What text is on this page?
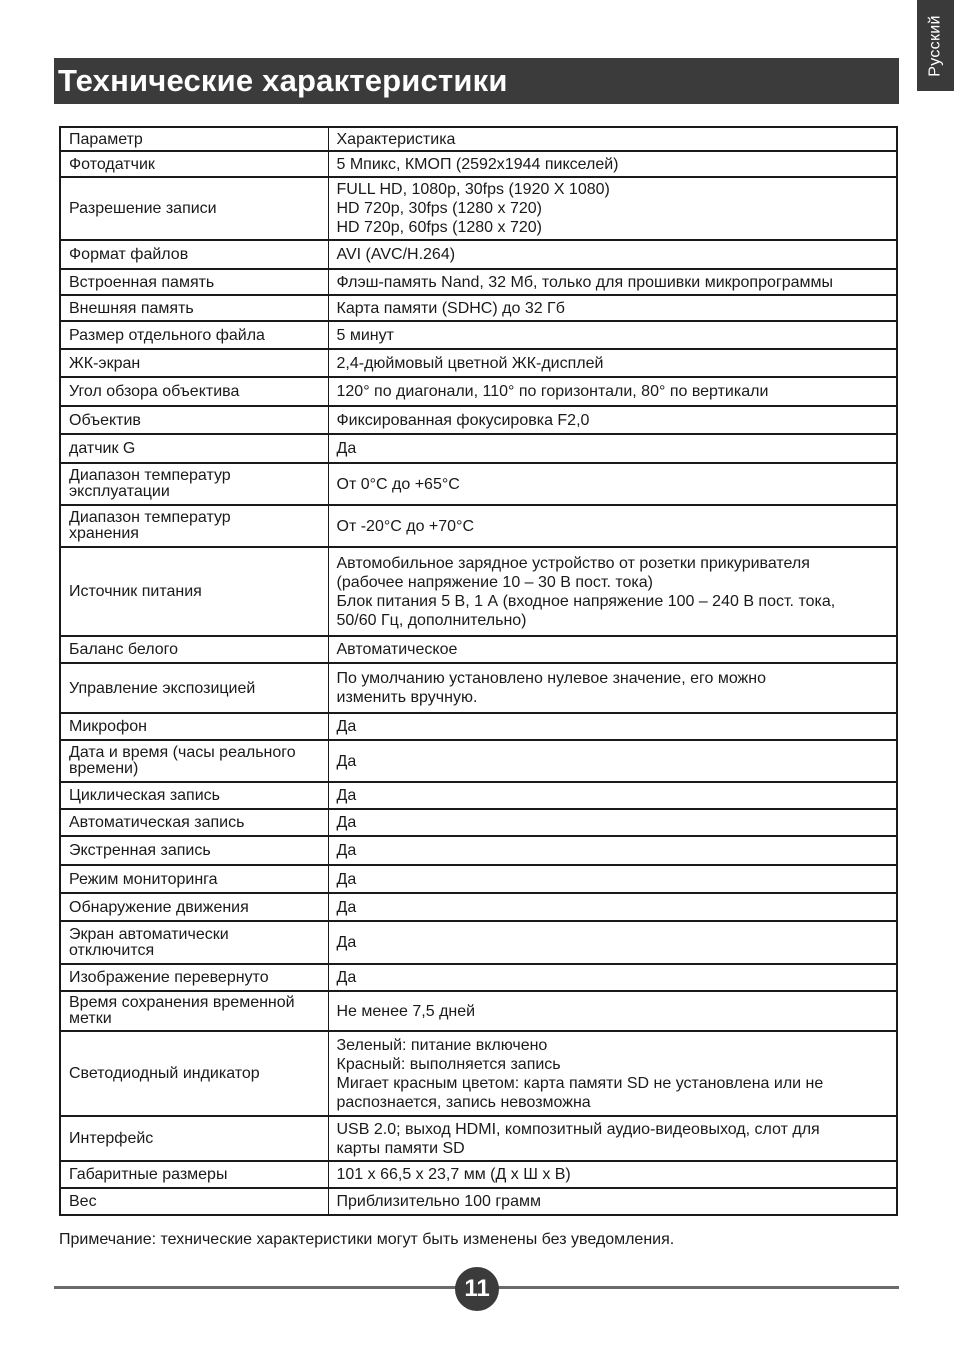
Русский
Технические характеристики
Параметр	Характеристика
Фотодатчик	5 Мпикс, КМОП (2592x1944 пикселей)
Разрешение записи	FULL HD, 1080p, 30fps (1920 X 1080)
HD 720p, 30fps (1280 x 720)
HD 720p, 60fps (1280 x 720)
Формат файлов	AVI (AVC/H.264)
Встроенная память	Флэш-память Nand, 32 Мб, только для прошивки микропрограммы
Внешняя память	Карта памяти (SDHC) до 32 Гб
Размер отдельного файла	5 минут
ЖК-экран	2,4-дюймовый цветной ЖК-дисплей
Угол обзора объектива	120° по диагонали, 110° по горизонтали, 80° по вертикали
Объектив	Фиксированная фокусировка F2,0
датчик G	Да
Диапазон температур
эксплуатации	От 0°C до +65°C
Диапазон температур
хранения	От -20°C до +70°C
Источник питания	Автомобильное зарядное устройство от розетки прикуривателя
(рабочее напряжение 10 – 30 В пост. тока)
Блок питания 5 В, 1 А (входное напряжение 100 – 240 В пост. тока,
50/60 Гц, дополнительно)
Баланс белого	Автоматическое
Управление экспозицией	По умолчанию установлено нулевое значение, его можно
изменить вручную.
Микрофон	Да
Дата и время (часы реального
времени)	Да
Циклическая запись	Да
Автоматическая запись	Да
Экстренная запись	Да
Режим мониторинга	Да
Обнаружение движения	Да
Экран автоматически
отключится	Да
Изображение перевернуто	Да
Время сохранения временной
метки	Не менее 7,5 дней
Светодиодный индикатор	Зеленый: питание включено
Красный: выполняется запись
Мигает красным цветом: карта памяти SD не установлена или не
распознается, запись невозможна
Интерфейс	USB 2.0; выход HDMI, композитный аудио-видеовыход, слот для
карты памяти SD
Габаритные размеры	101 x 66,5 x 23,7 мм (Д x Ш x В)
Вес	Приблизительно 100 грамм
Примечание: технические характеристики могут быть изменены без уведомления.
11
